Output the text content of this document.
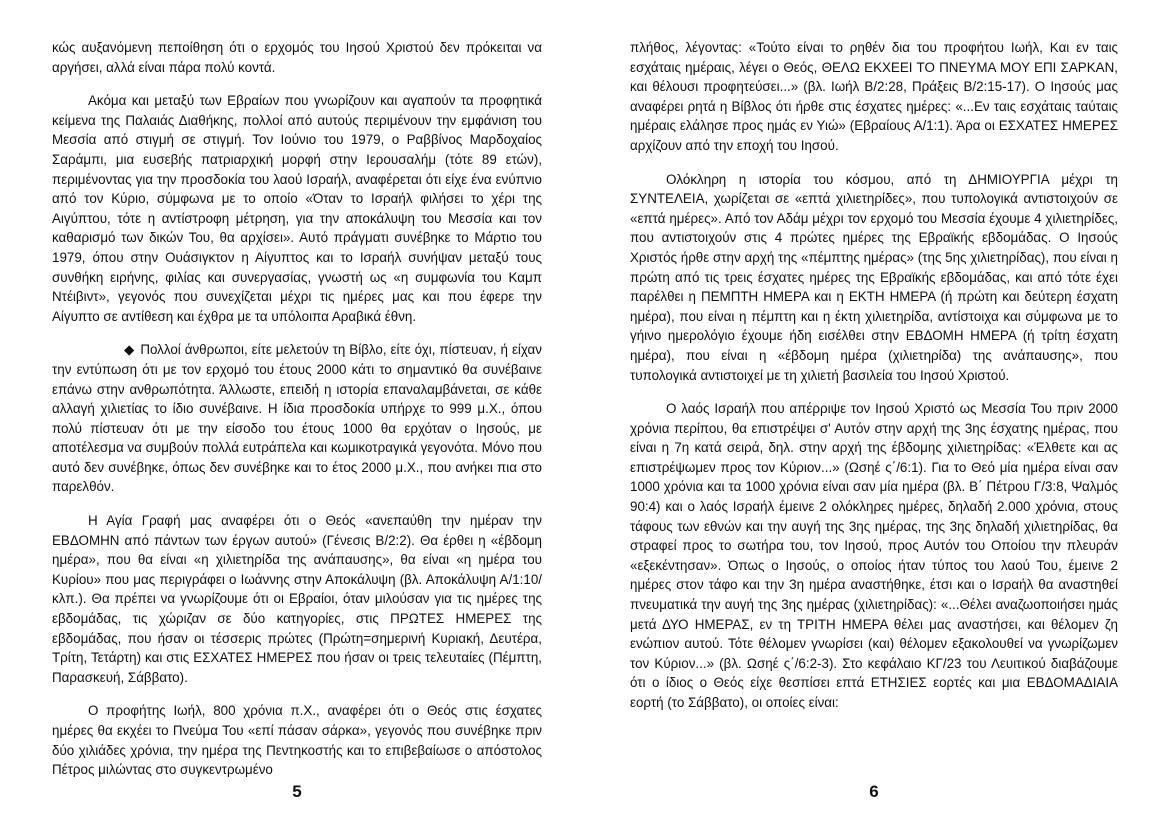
κώς αυξανόμενη πεποίθηση ότι ο ερχομός του Ιησού Χριστού δεν πρόκειται να αργήσει, αλλά είναι πάρα πολύ κοντά.

Ακόμα και μεταξύ των Εβραίων που γνωρίζουν και αγαπούν τα προφητικά κείμενα της Παλαιάς Διαθήκης, πολλοί από αυτούς περιμένουν την εμφάνιση του Μεσσία από στιγμή σε στιγμή. Τον Ιούνιο του 1979, ο Ραββίνος Μαρδοχαίος Σαράμπι, μια ευσεβής πατριαρχική μορφή στην Ιερουσαλήμ (τότε 89 ετών), περιμένοντας για την προσδοκία του λαού Ισραήλ, αναφέρεται ότι είχε ένα ενύπνιο από τον Κύριο, σύμφωνα με το οποίο «Όταν το Ισραήλ φιλήσει το χέρι της Αιγύπτου, τότε η αντίστροφη μέτρηση, για την αποκάλυψη του Μεσσία και τον καθαρισμό των δικών Του, θα αρχίσει». Αυτό πράγματι συνέβηκε το Μάρτιο του 1979, όπου στην Ουάσιγκτον η Αίγυπτος και το Ισραήλ συνήψαν μεταξύ τους συνθήκη ειρήνης, φιλίας και συνεργασίας, γνωστή ως «η συμφωνία του Καμπ Ντέιβιντ», γεγονός που συνεχίζεται μέχρι τις ημέρες μας και που έφερε την Αίγυπτο σε αντίθεση και έχθρα με τα υπόλοιπα Αραβικά έθνη.

◆ Πολλοί άνθρωποι, είτε μελετούν τη Βίβλο, είτε όχι, πίστευαν, ή είχαν την εντύπωση ότι με τον ερχομό του έτους 2000 κάτι το σημαντικό θα συνέβαινε επάνω στην ανθρωπότητα. Άλλωστε, επειδή η ιστορία επαναλαμβάνεται, σε κάθε αλλαγή χιλιετίας το ίδιο συνέβαινε. Η ίδια προσδοκία υπήρχε το 999 μ.Χ., όπου πολύ πίστευαν ότι με την είσοδο του έτους 1000 θα ερχόταν ο Ιησούς, με αποτέλεσμα να συμβούν πολλά ευτράπελα και κωμικοτραγικά γεγονότα. Μόνο που αυτό δεν συνέβηκε, όπως δεν συνέβηκε και το έτος 2000 μ.Χ., που ανήκει πια στο παρελθόν.

Η Αγία Γραφή μας αναφέρει ότι ο Θεός «ανεπαύθη την ημέραν την ΕΒΔΟΜΗΝ από πάντων των έργων αυτού» (Γένεσις Β/2:2). Θα έρθει η «έβδομη ημέρα», που θα είναι «η χιλιετηρίδα της ανάπαυσης», θα είναι «η ημέρα του Κυρίου» που μας περιγράφει ο Ιωάννης στην Αποκάλυψη (βλ. Αποκάλυψη Α/1:10/ κλπ.). Θα πρέπει να γνωρίζουμε ότι οι Εβραίοι, όταν μιλούσαν για τις ημέρες της εβδομάδας, τις χώριζαν σε δύο κατηγορίες, στις ΠΡΩΤΕΣ ΗΜΕΡΕΣ της εβδομάδας, που ήσαν οι τέσσερις πρώτες (Πρώτη=σημερινή Κυριακή, Δευτέρα, Τρίτη, Τετάρτη) και στις ΕΣΧΑΤΕΣ ΗΜΕΡΕΣ που ήσαν οι τρεις τελευταίες (Πέμπτη, Παρασκευή, Σάββατο).

Ο προφήτης Ιωήλ, 800 χρόνια π.Χ., αναφέρει ότι ο Θεός στις έσχατες ημέρες θα εκχέει το Πνεύμα Του «επί πάσαν σάρκα», γεγονός που συνέβηκε πριν δύο χιλιάδες χρόνια, την ημέρα της Πεντηκοστής και το επιβεβαίωσε ο απόστολος Πέτρος μιλώντας στο συγκεντρωμένο

5

πλήθος, λέγοντας: «Τούτο είναι το ρηθέν δια του προφήτου Ιωήλ, Και εν ταις εσχάταις ημέραις, λέγει ο Θεός, ΘΕΛΩ ΕΚΧΕΕΙ ΤΟ ΠΝΕΥΜΑ ΜΟΥ ΕΠΙ ΣΑΡΚΑΝ, και θέλουσι προφητεύσει...» (βλ. Ιωήλ Β/2:28, Πράξεις Β/2:15-17). Ο Ιησούς μας αναφέρει ρητά η Βίβλος ότι ήρθε στις έσχατες ημέρες: «...Εν ταις εσχάταις ταύταις ημέραις ελάλησε προς ημάς εν Υιώ» (Εβραίους Α/1:1). Άρα οι ΕΣΧΑΤΕΣ ΗΜΕΡΕΣ αρχίζουν από την εποχή του Ιησού.

Ολόκληρη η ιστορία του κόσμου, από τη ΔΗΜΙΟΥΡΓΙΑ μέχρι τη ΣΥΝΤΕΛΕΙΑ, χωρίζεται σε «επτά χιλιετηρίδες», που τυπολογικά αντιστοιχούν σε «επτά ημέρες». Από τον Αδάμ μέχρι τον ερχομό του Μεσσία έχουμε 4 χιλιετηρίδες, που αντιστοιχούν στις 4 πρώτες ημέρες της Εβραϊκής εβδομάδας. Ο Ιησούς Χριστός ήρθε στην αρχή της «πέμπτης ημέρας» (της 5ης χιλιετηρίδας), που είναι η πρώτη από τις τρεις έσχατες ημέρες της Εβραϊκής εβδομάδας, και από τότε έχει παρέλθει η ΠΕΜΠΤΗ ΗΜΕΡΑ και η ΕΚΤΗ ΗΜΕΡΑ (ή πρώτη και δεύτερη έσχατη ημέρα), που είναι η πέμπτη και η έκτη χιλιετηρίδα, αντίστοιχα και σύμφωνα με το γήινο ημερολόγιο έχουμε ήδη εισέλθει στην ΕΒΔΟΜΗ ΗΜΕΡΑ (ή τρίτη έσχατη ημέρα), που είναι η «έβδομη ημέρα (χιλιετηρίδα) της ανάπαυσης», που τυπολογικά αντιστοιχεί με τη χιλιετή βασιλεία του Ιησού Χριστού.

Ο λαός Ισραήλ που απέρριψε τον Ιησού Χριστό ως Μεσσία Του πριν 2000 χρόνια περίπου, θα επιστρέψει σ' Αυτόν στην αρχή της 3ης έσχατης ημέρας, που είναι η 7η κατά σειρά, δηλ. στην αρχή της έβδομης χιλιετηρίδας: «Έλθετε και ας επιστρέψωμεν προς τον Κύριον...» (Ωσηέ ς΄/6:1). Για το Θεό μία ημέρα είναι σαν 1000 χρόνια και τα 1000 χρόνια είναι σαν μία ημέρα (βλ. Β΄ Πέτρου Γ/3:8, Ψαλμός 90:4) και ο λαός Ισραήλ έμεινε 2 ολόκληρες ημέρες, δηλαδή 2.000 χρόνια, στους τάφους των εθνών και την αυγή της 3ης ημέρας, της 3ης δηλαδή χιλιετηρίδας, θα στραφεί προς το σωτήρα του, τον Ιησού, προς Αυτόν του Οποίου την πλευράν «εξεκέντησαν». Όπως ο Ιησούς, ο οποίος ήταν τύπος του λαού Του, έμεινε 2 ημέρες στον τάφο και την 3η ημέρα αναστήθηκε, έτσι και ο Ισραήλ θα αναστηθεί πνευματικά την αυγή της 3ης ημέρας (χιλιετηρίδας): «...Θέλει αναζωοποιήσει ημάς μετά ΔΥΟ ΗΜΕΡΑΣ, εν τη ΤΡΙΤΗ ΗΜΕΡΑ θέλει μας αναστήσει, και θέλομεν ζη ενώπιον αυτού. Τότε θέλομεν γνωρίσει (και) θέλομεν εξακολουθεί να γνωρίζωμεν τον Κύριον...» (βλ. Ωσηέ ς΄/6:2-3). Στο κεφάλαιο ΚΓ/23 του Λευιτικού διαβάζουμε ότι ο ίδιος ο Θεός είχε θεσπίσει επτά ΕΤΗΣΙΕΣ εορτές και μια ΕΒΔΟΜΑΔΙΑΙΑ εορτή (το Σάββατο), οι οποίες είναι:

6
